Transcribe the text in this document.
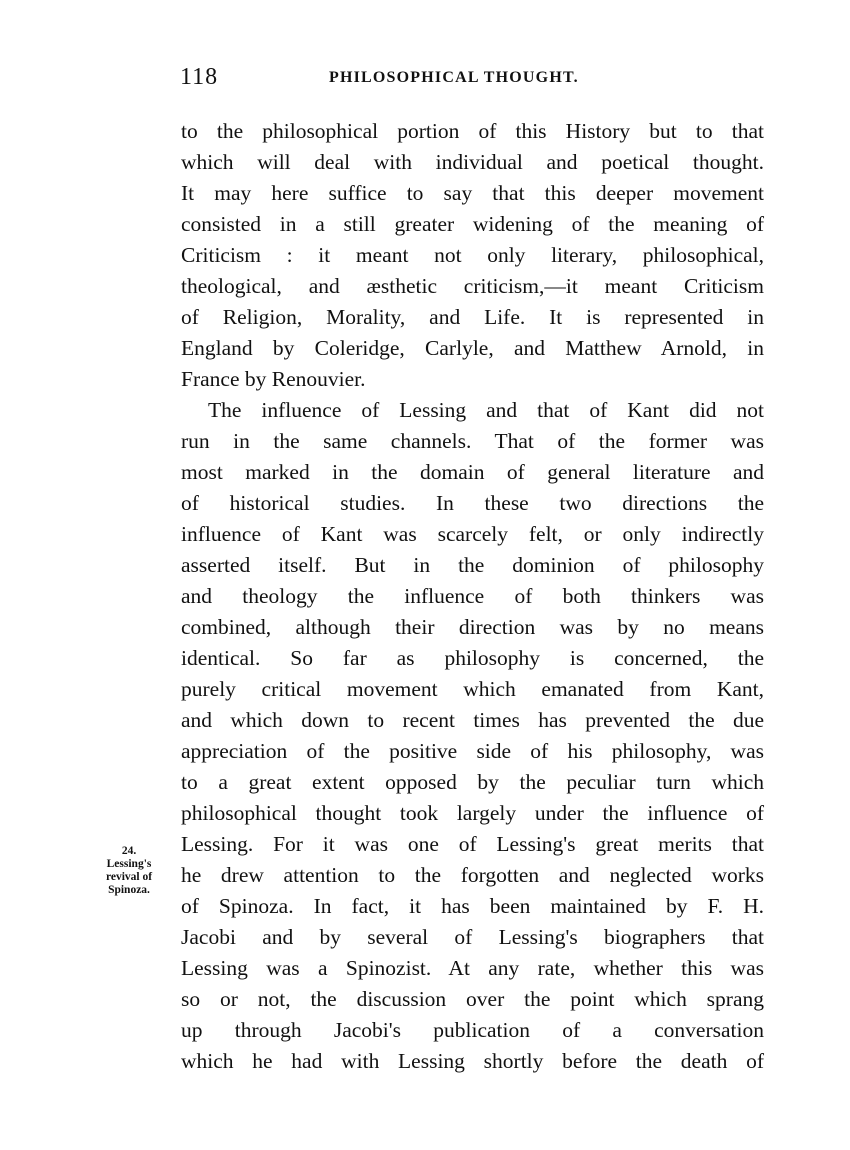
118	PHILOSOPHICAL THOUGHT.
24.
Lessing's
revival of
Spinoza.
to the philosophical portion of this History but to that
which will deal with individual and poetical thought.
It may here suffice to say that this deeper movement
consisted in a still greater widening of the meaning of
Criticism : it meant not only literary, philosophical,
theological, and æsthetic criticism,—it meant Criticism
of Religion, Morality, and Life. It is represented in
England by Coleridge, Carlyle, and Matthew Arnold, in
France by Renouvier.
The influence of Lessing and that of Kant did not
run in the same channels. That of the former was
most marked in the domain of general literature and
of historical studies. In these two directions the
influence of Kant was scarcely felt, or only indirectly
asserted itself. But in the dominion of philosophy
and theology the influence of both thinkers was
combined, although their direction was by no means
identical. So far as philosophy is concerned, the
purely critical movement which emanated from Kant,
and which down to recent times has prevented the due
appreciation of the positive side of his philosophy, was
to a great extent opposed by the peculiar turn which
philosophical thought took largely under the influence of
Lessing. For it was one of Lessing's great merits that
he drew attention to the forgotten and neglected works
of Spinoza. In fact, it has been maintained by F. H.
Jacobi and by several of Lessing's biographers that
Lessing was a Spinozist. At any rate, whether this was
so or not, the discussion over the point which sprang
up through Jacobi's publication of a conversation
which he had with Lessing shortly before the death of
